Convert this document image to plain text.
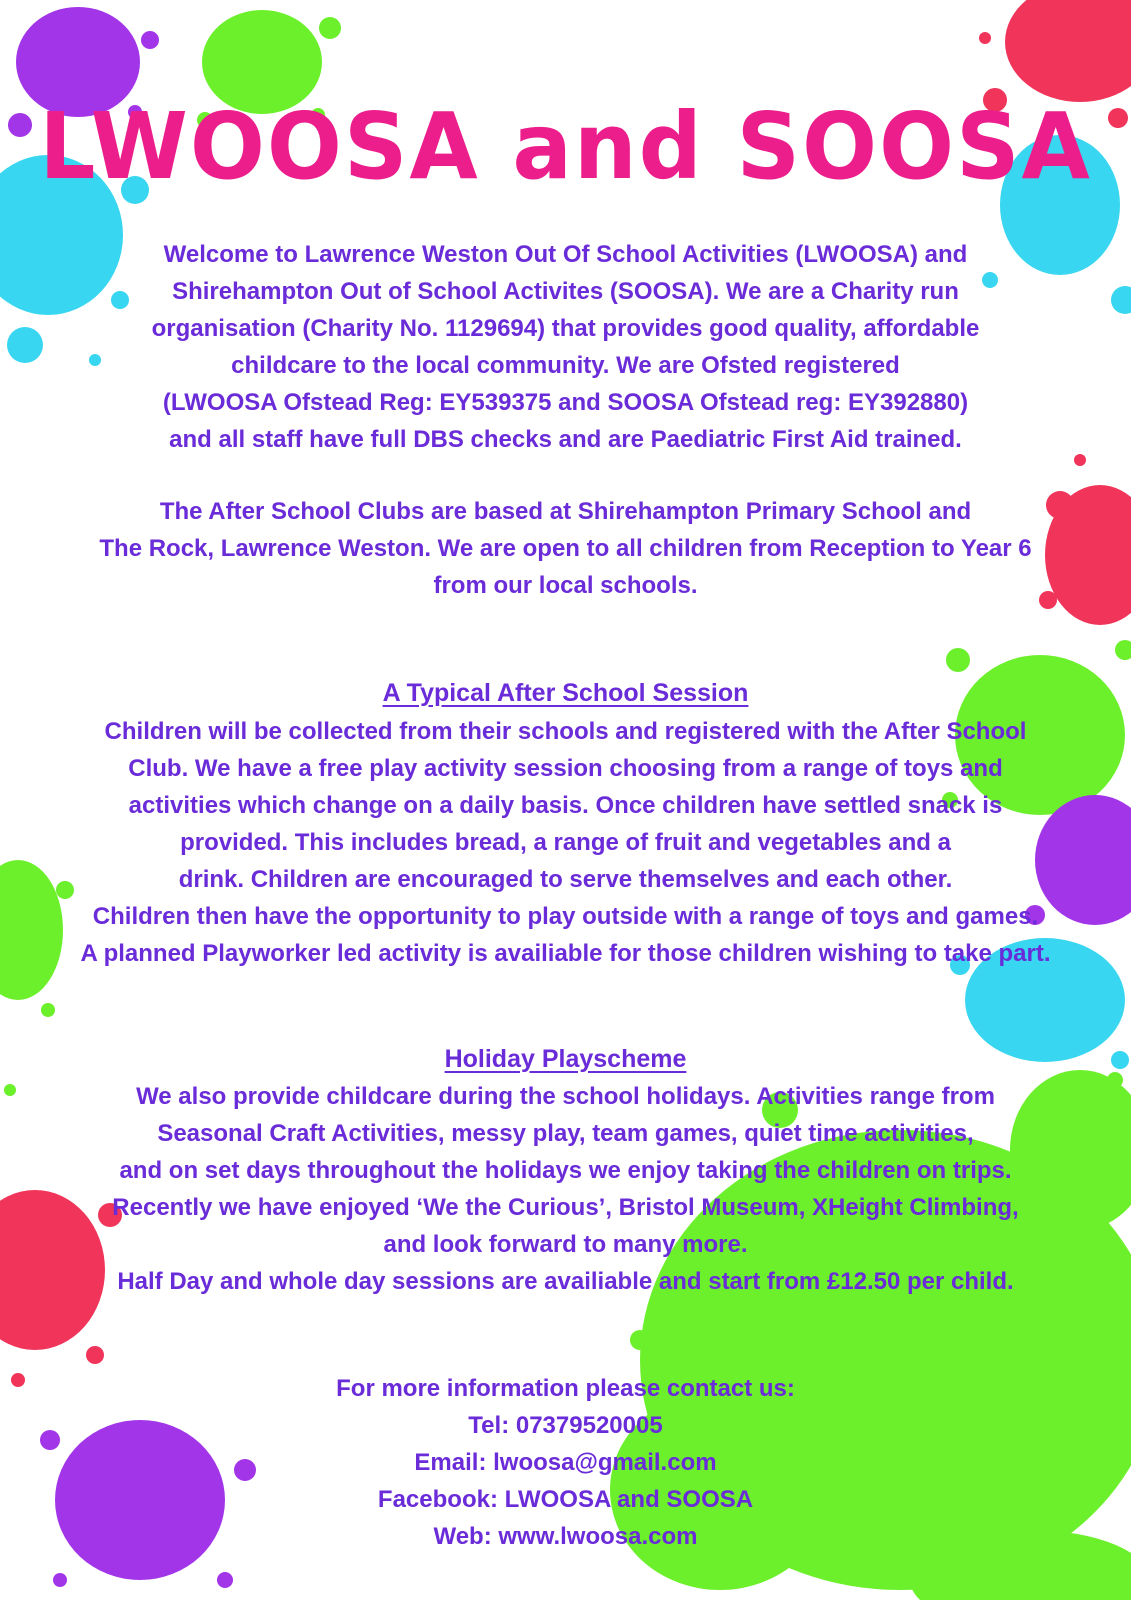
LWOOSA and SOOSA
Welcome to Lawrence Weston Out Of School Activities (LWOOSA) and
Shirehampton Out of School Activites (SOOSA). We are a Charity run
organisation (Charity No. 1129694) that provides good quality, affordable
childcare to the local community. We are Ofsted registered
(LWOOSA Ofstead Reg: EY539375 and SOOSA Ofstead reg: EY392880)
and all staff have full DBS checks and are Paediatric First Aid trained.
The After School Clubs are based at Shirehampton Primary School and
The Rock, Lawrence Weston. We are open to all children from Reception to Year 6
from our local schools.
A Typical After School Session
Children will be collected from their schools and registered with the After School
Club. We have a free play activity session choosing from a range of toys and
activities which change on a daily basis. Once children have settled snack is
provided. This includes bread, a range of fruit and vegetables and a
drink. Children are encouraged to serve themselves and each other.
Children then have the opportunity to play outside with a range of toys and games.
A planned Playworker led activity is availiable for those children wishing to take part.
Holiday Playscheme
We also provide childcare during the school holidays. Activities range from
Seasonal Craft Activities, messy play, team games, quiet time activities,
and on set days throughout the holidays we enjoy taking the children on trips.
Recently we have enjoyed ‘We the Curious’, Bristol Museum, XHeight Climbing,
and look forward to many more.
Half Day and whole day sessions are availiable and start from £12.50 per child.
For more information please contact us:
Tel: 07379520005
Email: lwoosa@gmail.com
Facebook: LWOOSA and SOOSA
Web: www.lwoosa.com
